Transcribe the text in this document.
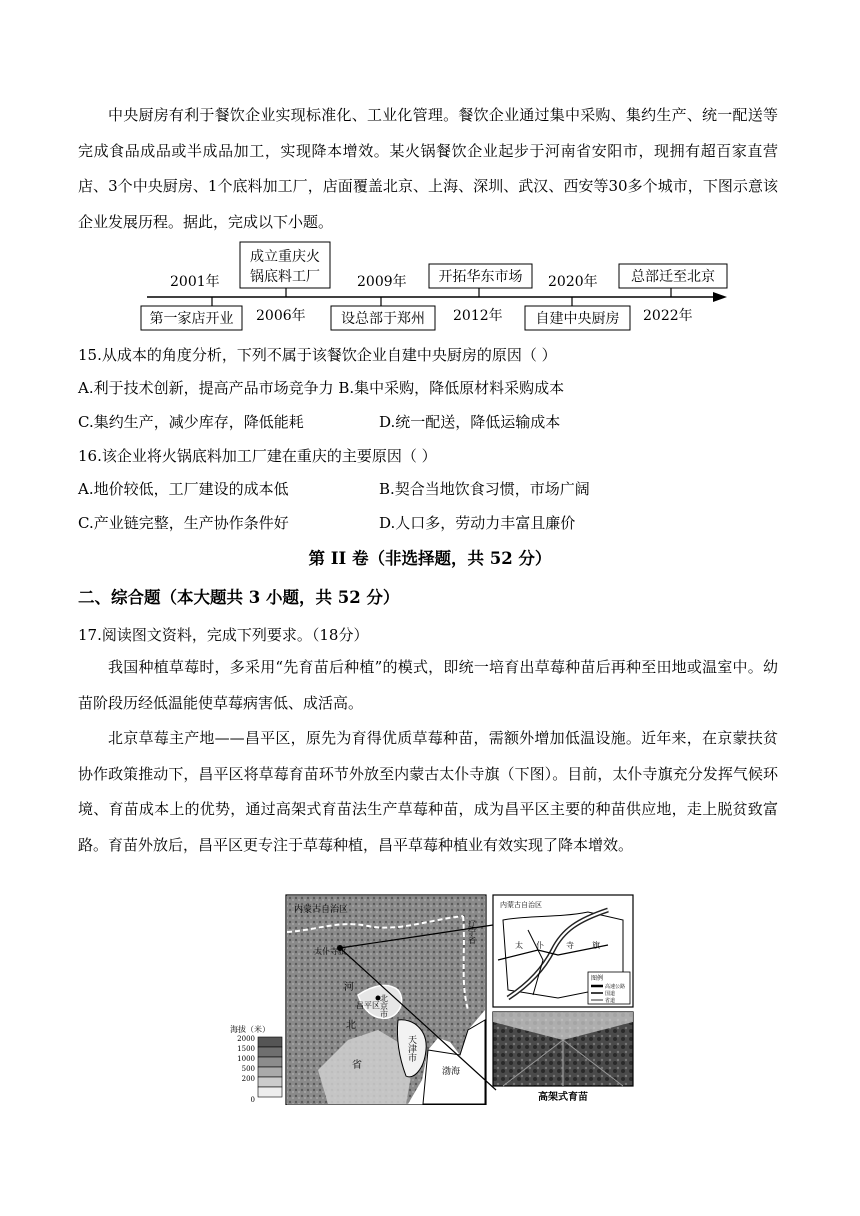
中央厨房有利于餐饮企业实现标准化、工业化管理。餐饮企业通过集中采购、集约生产、统一配送等完成食品成品或半成品加工，实现降本增效。某火锅餐饮企业起步于河南省安阳市，现拥有超百家直营店、3个中央厨房、1个底料加工厂，店面覆盖北京、上海、深圳、武汉、西安等30多个城市，下图示意该企业发展历程。据此，完成以下小题。

2001年
第一家店开业
成立重庆火
锅底料工厂
2006年
2009年
设总部于郑州
开拓华东市场
2012年
2020年
自建中央厨房
总部迁至北京
2022年
15.从成本的角度分析，下列不属于该餐饮企业自建中央厨房的原因（ ）
A.利于技术创新，提高产品市场竞争力 B.集中采购，降低原材料采购成本
C.集约生产，减少库存，降低能耗	D.统一配送，降低运输成本
16.该企业将火锅底料加工厂建在重庆的主要原因（ ）
A.地价较低，工厂建设的成本低	B.契合当地饮食习惯，市场广阔
C.产业链完整，生产协作条件好	D.人口多，劳动力丰富且廉价
第 II 卷（非选择题，共 52 分）
二、综合题（本大题共 3 小题，共 52 分）
17.阅读图文资料，完成下列要求。（18分）

我国种植草莓时，多采用“先育苗后种植”的模式，即统一培育出草莓种苗后再种至田地或温室中。幼苗阶段历经低温能使草莓病害低、成活高。

北京草莓主产地——昌平区，原先为育得优质草莓种苗，需额外增加低温设施。近年来，在京蒙扶贫协作政策推动下，昌平区将草莓育苗环节外放至内蒙古太仆寺旗（下图）。目前，太仆寺旗充分发挥气候环境、育苗成本上的优势，通过高架式育苗法生产草莓种苗，成为昌平区主要的种苗供应地，走上脱贫致富路。育苗外放后，昌平区更专注于草莓种植，昌平草莓种植业有效实现了降本增效。

内蒙古自治区
太仆寺旗
河
北
省
昌平区 北京市
天津市
辽宁省
渤海
海拔（米）
2000
1500
1000
500
200
0
内蒙古自治区
太 仆	寺 旗
图例
高速公路
国道
省道
高架式育苗
